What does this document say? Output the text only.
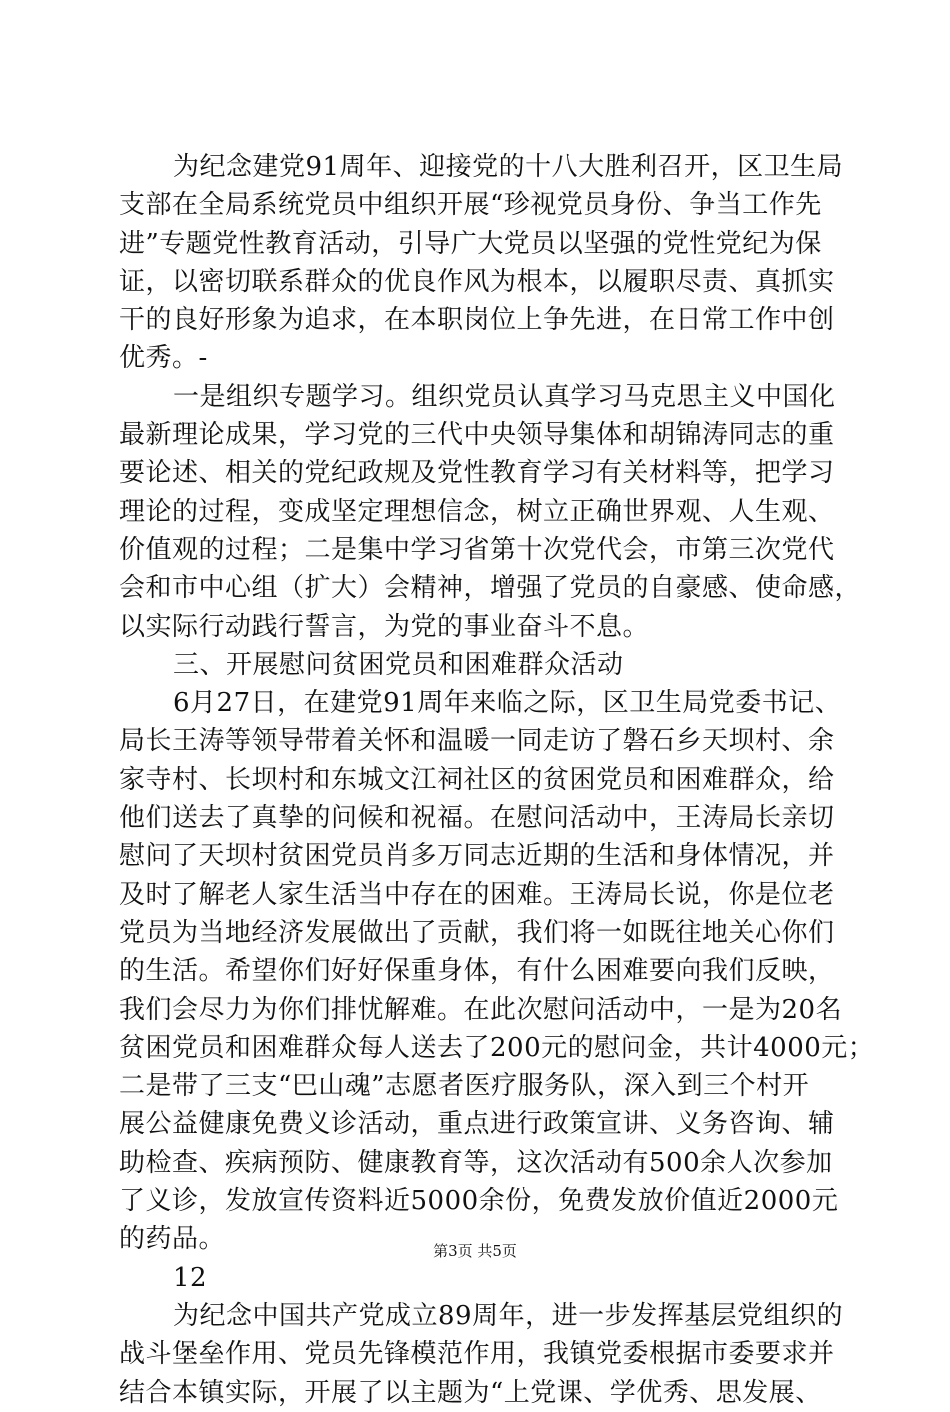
为纪念建党91周年、迎接党的十八大胜利召开，区卫生局
支部在全局系统党员中组织开展“珍视党员身份、争当工作先
进”专题党性教育活动，引导广大党员以坚强的党性党纪为保
证，以密切联系群众的优良作风为根本，以履职尽责、真抓实
干的良好形象为追求，在本职岗位上争先进，在日常工作中创
优秀。-
一是组织专题学习。组织党员认真学习马克思主义中国化
最新理论成果，学习党的三代中央领导集体和胡锦涛同志的重
要论述、相关的党纪政规及党性教育学习有关材料等，把学习
理论的过程，变成坚定理想信念，树立正确世界观、人生观、
价值观的过程；二是集中学习省第十次党代会，市第三次党代
会和市中心组（扩大）会精神，增强了党员的自豪感、使命感，
以实际行动践行誓言，为党的事业奋斗不息。
三、开展慰问贫困党员和困难群众活动
6月27日，在建党91周年来临之际，区卫生局党委书记、
局长王涛等领导带着关怀和温暖一同走访了磐石乡天坝村、余
家寺村、长坝村和东城文江祠社区的贫困党员和困难群众，给
他们送去了真挚的问候和祝福。在慰问活动中，王涛局长亲切
慰问了天坝村贫困党员肖多万同志近期的生活和身体情况，并
及时了解老人家生活当中存在的困难。王涛局长说，你是位老
党员为当地经济发展做出了贡献，我们将一如既往地关心你们
的生活。希望你们好好保重身体，有什么困难要向我们反映，
我们会尽力为你们排忧解难。在此次慰问活动中，一是为20名
贫困党员和困难群众每人送去了200元的慰问金，共计4000元；
二是带了三支“巴山魂”志愿者医疗服务队，深入到三个村开
展公益健康免费义诊活动，重点进行政策宣讲、义务咨询、辅
助检查、疾病预防、健康教育等，这次活动有500余人次参加
了义诊，发放宣传资料近5000余份，免费发放价值近2000元
的药品。
12
为纪念中国共产党成立89周年，进一步发挥基层党组织的
战斗堡垒作用、党员先锋模范作用，我镇党委根据市委要求并
结合本镇实际，开展了以主题为“上党课、学优秀、思发展、
第3页 共5页
